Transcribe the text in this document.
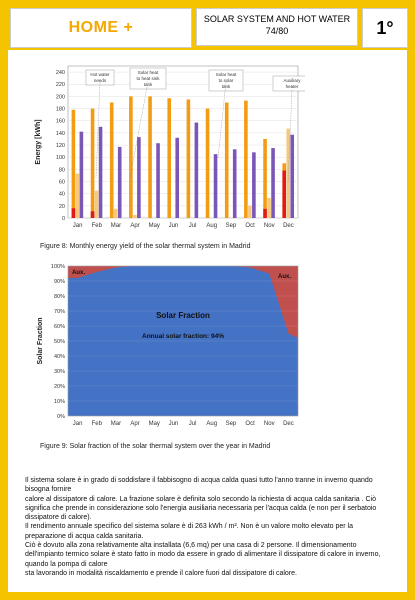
HOME +	SOLAR SYSTEM AND HOT WATER
74/80	1°
0
20
40
60
80
100
120
140
160
180
200
220
240
Energy [kWh]
Jan Feb Mar Apr May Jun Jul Aug Sep Oct Nov Dec
Hot water
needs
Solar heat
to heat sink
tank
Solar heat
to solar
tank
Auxiliary
heater
Figure 8: Monthly energy yield of the solar thermal system in Madrid
0%
10%
20%
30%
40%
50%
60%
70%
80%
90%
100%
Jan Feb Mar Apr May Jun Jul Aug Sep Oct Nov Dec
Solar Fraction
Solar Fraction
Annual solar fraction: 94%
Aux.
Aux.
Figure 9: Solar fraction of the solar thermal system over the year in Madrid

Il sistema solare è in grado di soddisfare il fabbisogno di acqua calda quasi tutto l'anno tranne in inverno quando bisogna fornire

calore al dissipatore di calore. La frazione solare è definita solo secondo la richiesta di acqua calda sanitaria . Ciò significa che prende in considerazione solo l'energia ausiliaria necessaria per l'acqua calda (e non per il serbatoio dissipatore di calore).

Il rendimento annuale specifico del sistema solare è di 263 kWh / m². Non è un valore molto elevato per la preparazione di acqua calda sanitaria.

Ciò è dovuto alla zona relativamente alta installata (6,6 mq) per una casa di 2 persone. Il dimensionamento dell'impianto termico solare è stato fatto in modo da essere in grado di alimentare il dissipatore di calore in inverno, quando la pompa di calore

sta lavorando in modalità riscaldamento e prende il calore fuori dal dissipatore di calore.
